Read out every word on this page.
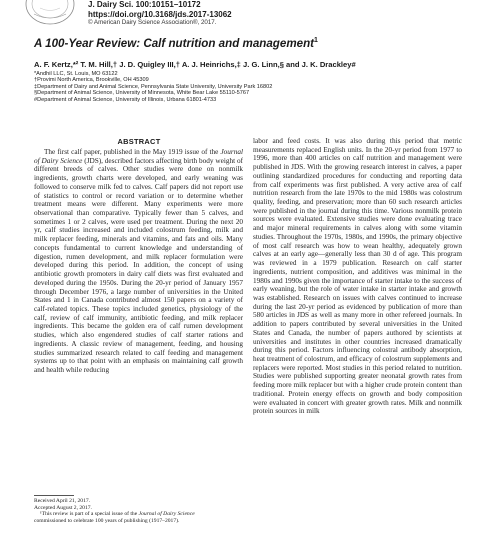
J. Dairy Sci. 100:10151–10172
https://doi.org/10.3168/jds.2017-13062
© American Dairy Science Association®, 2017.
A 100-Year Review: Calf nutrition and management$^1$
A. F. Kertz,*² T. M. Hill,† J. D. Quigley III,† A. J. Heinrichs,‡ J. G. Linn,§ and J. K. Drackley#
*Andhil LLC, St. Louis, MO 63122
†Provimi North America, Brookville, OH 45309
‡Department of Dairy and Animal Science, Pennsylvania State University, University Park 16802
§Department of Animal Science, University of Minnesota, White Bear Lake 55110-5767
#Department of Animal Science, University of Illinois, Urbana 61801-4733
ABSTRACT

The first calf paper, published in the May 1919 issue of the Journal of Dairy Science (JDS), described factors affecting birth body weight of different breeds of calves. Other studies were done on nonmilk ingredients, growth charts were developed, and early weaning was followed to conserve milk fed to calves. Calf papers did not report use of statistics to control or record variation or to determine whether treatment means were different. Many experiments were more observational than comparative. Typically fewer than 5 calves, and sometimes 1 or 2 calves, were used per treatment. During the next 20 yr, calf studies increased and included colostrum feeding, milk and milk replacer feeding, minerals and vitamins, and fats and oils. Many concepts fundamental to current knowledge and understanding of digestion, rumen development, and milk replacer formulation were developed during this period. In addition, the concept of using antibiotic growth promoters in dairy calf diets was first evaluated and developed during the 1950s. During the 20-yr period of January 1957 through December 1976, a large number of universities in the United States and 1 in Canada contributed almost 150 papers on a variety of calf-related topics. These topics included genetics, physiology of the calf, review of calf immunity, antibiotic feeding, and milk replacer ingredients. This became the golden era of calf rumen development studies, which also engendered studies of calf starter rations and ingredients. A classic review of management, feeding, and housing studies summarized research related to calf feeding and management systems up to that point with an emphasis on maintaining calf growth and health while reducing

labor and feed costs. It was also during this period that metric measurements replaced English units. In the 20-yr period from 1977 to 1996, more than 400 articles on calf nutrition and management were published in JDS. With the growing research interest in calves, a paper outlining standardized procedures for conducting and reporting data from calf experiments was first published. A very active area of calf nutrition research from the late 1970s to the mid 1980s was colostrum quality, feeding, and preservation; more than 60 such research articles were published in the journal during this time. Various nonmilk protein sources were evaluated. Extensive studies were done evaluating trace and major mineral requirements in calves along with some vitamin studies. Throughout the 1970s, 1980s, and 1990s, the primary objective of most calf research was how to wean healthy, adequately grown calves at an early age—generally less than 30 d of age. This program was reviewed in a 1979 publication. Research on calf starter ingredients, nutrient composition, and additives was minimal in the 1980s and 1990s given the importance of starter intake to the success of early weaning, but the role of water intake in starter intake and growth was established. Research on issues with calves continued to increase during the last 20-yr period as evidenced by publication of more than 580 articles in JDS as well as many more in other refereed journals. In addition to papers contributed by several universities in the United States and Canada, the number of papers authored by scientists at universities and institutes in other countries increased dramatically during this period. Factors influencing colostral antibody absorption, heat treatment of colostrum, and efficacy of colostrum supplements and replacers were reported. Most studies in this period related to nutrition. Studies were published supporting greater neonatal growth rates from feeding more milk replacer but with a higher crude protein content than traditional. Protein energy effects on growth and body composition were evaluated in concert with greater growth rates. Milk and nonmilk protein sources in milk

Received April 21, 2017.
Accepted August 2, 2017.
¹This review is part of a special issue of the Journal of Dairy Science
commissioned to celebrate 100 years of publishing (1917–2017).
